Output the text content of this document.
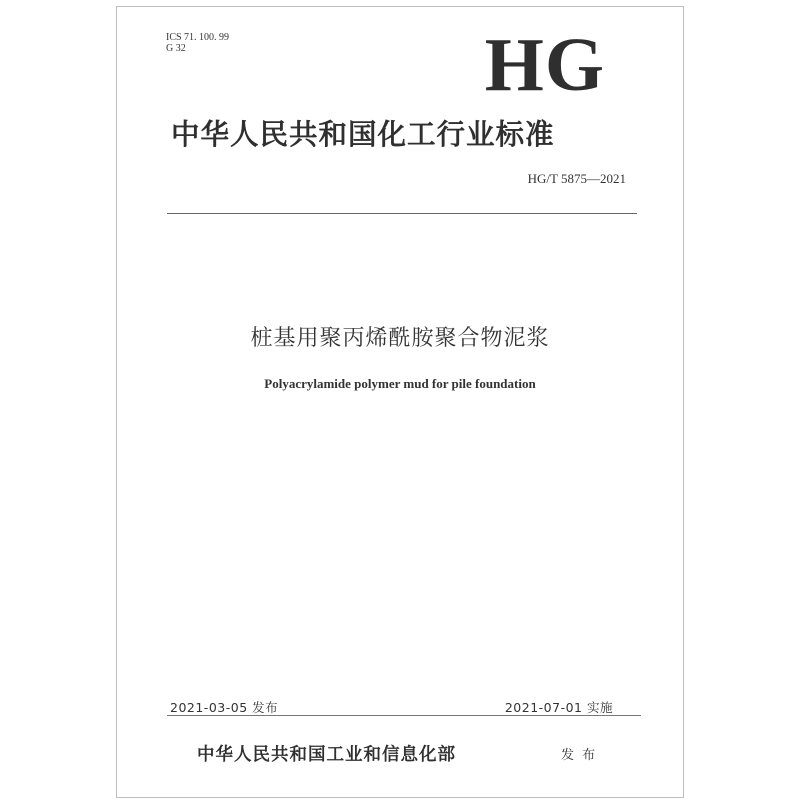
ICS 71. 100. 99
G 32	HG
中华人民共和国化工行业标准
HG/T 5875—2021
桩基用聚丙烯酰胺聚合物泥浆
Polyacrylamide polymer mud for pile foundation
2021-03-05 发布	2021-07-01 实施
中华人民共和国工业和信息化部	发 布
